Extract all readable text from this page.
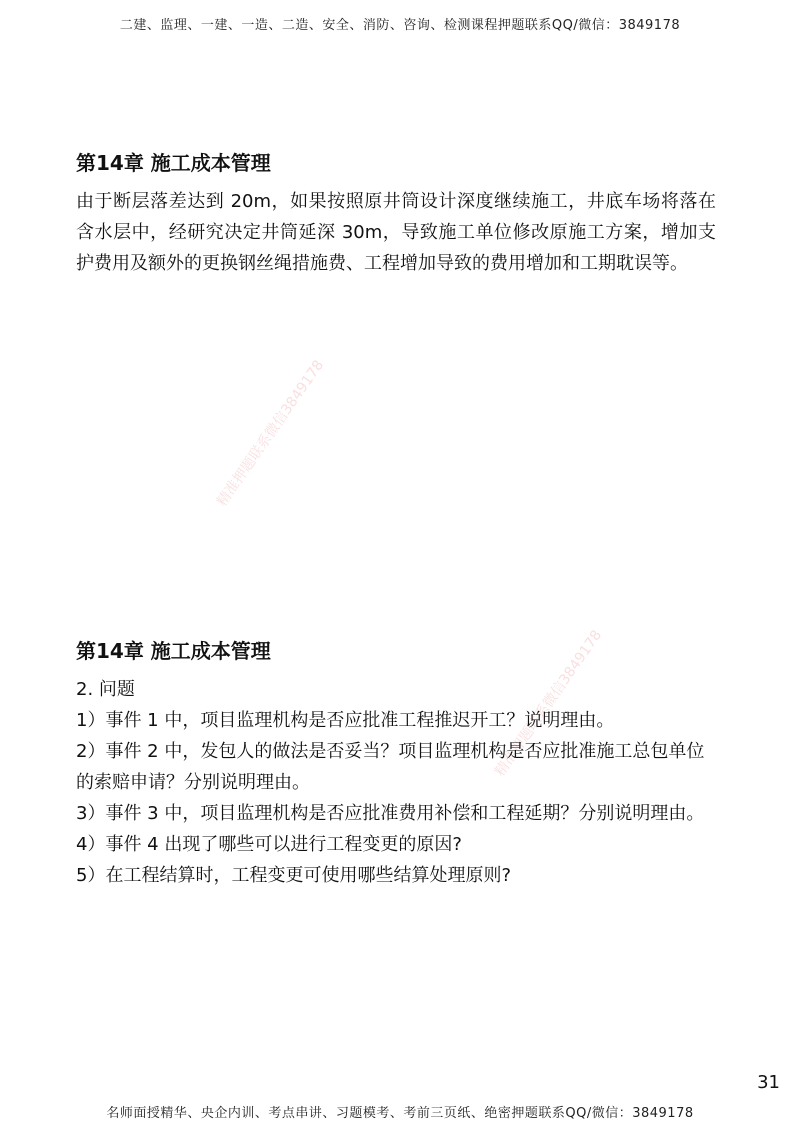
二建、监理、一建、一造、二造、安全、消防、咨询、检测课程押题联系QQ/微信：3849178
第14章 施工成本管理

由于断层落差达到 20m，如果按照原井筒设计深度继续施工，井底车场将落在含水层中，经研究决定井筒延深 30m，导致施工单位修改原施工方案，增加支护费用及额外的更换钢丝绳措施费、工程增加导致的费用增加和工期耽误等。

精准押题联系微信3849178
精准押题联系微信3849178
第14章 施工成本管理
2. 问题
1）事件 1 中，项目监理机构是否应批准工程推迟开工？说明理由。
2）事件 2 中，发包人的做法是否妥当？项目监理机构是否应批准施工总包单位的索赔申请？分别说明理由。
3）事件 3 中，项目监理机构是否应批准费用补偿和工程延期？分别说明理由。
4）事件 4 出现了哪些可以进行工程变更的原因?
5）在工程结算时，工程变更可使用哪些结算处理原则?
31
名师面授精华、央企内训、考点串讲、习题模考、考前三页纸、绝密押题联系QQ/微信：3849178
